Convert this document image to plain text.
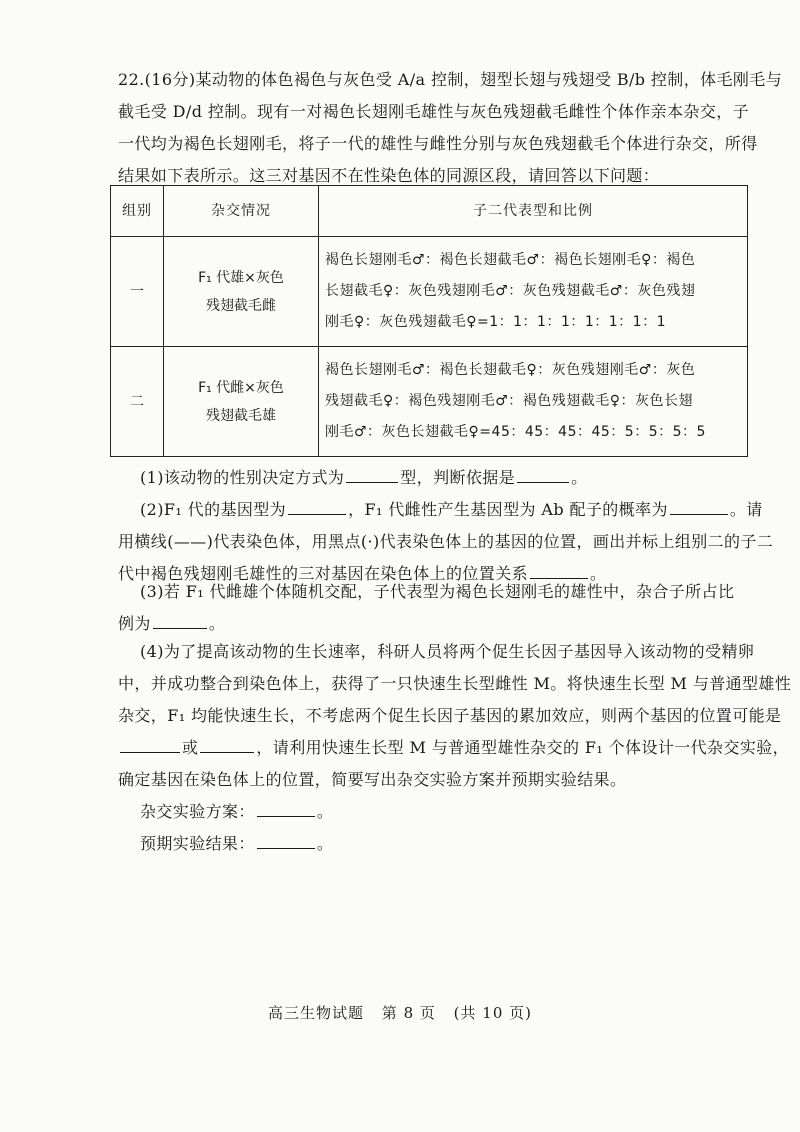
22.(16分)某动物的体色褐色与灰色受 A/a 控制，翅型长翅与残翅受 B/b 控制，体毛刚毛与
截毛受 D/d 控制。现有一对褐色长翅刚毛雄性与灰色残翅截毛雌性个体作亲本杂交，子
一代均为褐色长翅刚毛，将子一代的雄性与雌性分别与灰色残翅截毛个体进行杂交，所得
结果如下表所示。这三对基因不在性染色体的同源区段，请回答以下问题：
组别	杂交情况	子二代表型和比例
一	F₁ 代雄×灰色
残翅截毛雌	褐色长翅刚毛♂：褐色长翅截毛♂：褐色长翅刚毛♀：褐色
长翅截毛♀：灰色残翅刚毛♂：灰色残翅截毛♂：灰色残翅
刚毛♀：灰色残翅截毛♀=1：1：1：1：1：1：1：1

二	F₁ 代雌×灰色
残翅截毛雄	褐色长翅刚毛♂：褐色长翅截毛♀：灰色残翅刚毛♂：灰色
残翅截毛♀：褐色残翅刚毛♂：褐色残翅截毛♀：灰色长翅
刚毛♂：灰色长翅截毛♀=45：45：45：45：5：5：5：5
(1)该动物的性别决定方式为	型，判断依据是	。
(2)F₁ 代的基因型为	，F₁ 代雌性产生基因型为 Ab 配子的概率为	。请
用横线(——)代表染色体，用黑点(·)代表染色体上的基因的位置，画出并标上组别二的子二
代中褐色残翅刚毛雄性的三对基因在染色体上的位置关系	。
(3)若 F₁ 代雌雄个体随机交配，子代表型为褐色长翅刚毛的雄性中，杂合子所占比
例为	。
(4)为了提高该动物的生长速率，科研人员将两个促生长因子基因导入该动物的受精卵
中，并成功整合到染色体上，获得了一只快速生长型雌性 M。将快速生长型 M 与普通型雄性
杂交，F₁ 均能快速生长，不考虑两个促生长因子基因的累加效应，则两个基因的位置可能是
或	，请利用快速生长型 M 与普通型雄性杂交的 F₁ 个体设计一代杂交实验，
确定基因在染色体上的位置，简要写出杂交实验方案并预期实验结果。
杂交实验方案：	。
预期实验结果：	。
高三生物试题 第 8 页 (共 10 页)
